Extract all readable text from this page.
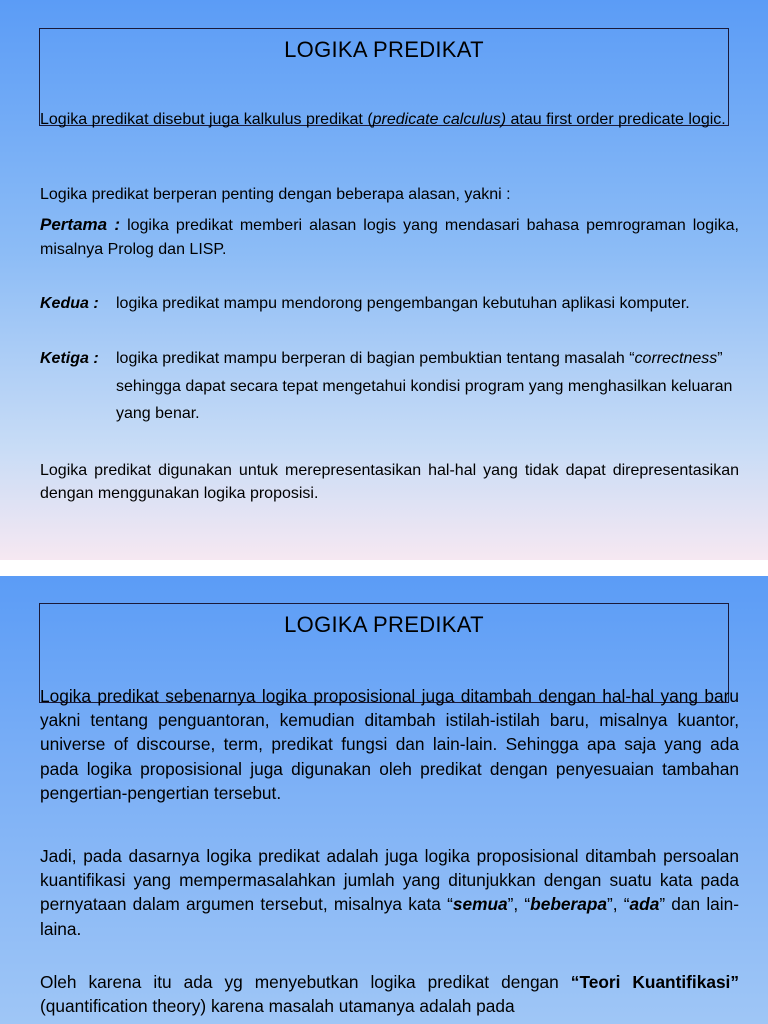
LOGIKA PREDIKAT
Logika predikat disebut juga kalkulus predikat (predicate calculus) atau first order predicate logic.
Logika predikat berperan penting dengan beberapa alasan, yakni :
Pertama : logika predikat memberi alasan logis yang mendasari bahasa pemrograman logika, misalnya Prolog dan LISP.
Kedua : logika predikat mampu mendorong pengembangan kebutuhan aplikasi komputer.
Ketiga : logika predikat mampu berperan di bagian pembuktian tentang masalah “correctness” sehingga dapat secara tepat mengetahui kondisi program yang menghasilkan keluaran yang benar.
Logika predikat digunakan untuk merepresentasikan hal-hal yang tidak dapat direpresentasikan dengan menggunakan logika proposisi.
LOGIKA PREDIKAT
Logika predikat sebenarnya logika proposisional juga ditambah dengan hal-hal yang baru yakni tentang penguantoran, kemudian ditambah istilah-istilah baru, misalnya kuantor, universe of discourse, term, predikat fungsi dan lain-lain. Sehingga apa saja yang ada pada logika proposisional juga digunakan oleh predikat dengan penyesuaian tambahan pengertian-pengertian tersebut.
Jadi, pada dasarnya logika predikat adalah juga logika proposisional ditambah persoalan kuantifikasi yang mempermasalahkan jumlah yang ditunjukkan dengan suatu kata pada pernyataan dalam argumen tersebut, misalnya kata “semua”, “beberapa”, “ada” dan lain-laina.
Oleh karena itu ada yg menyebutkan logika predikat dengan “Teori Kuantifikasi” (quantification theory) karena masalah utamanya adalah pada
